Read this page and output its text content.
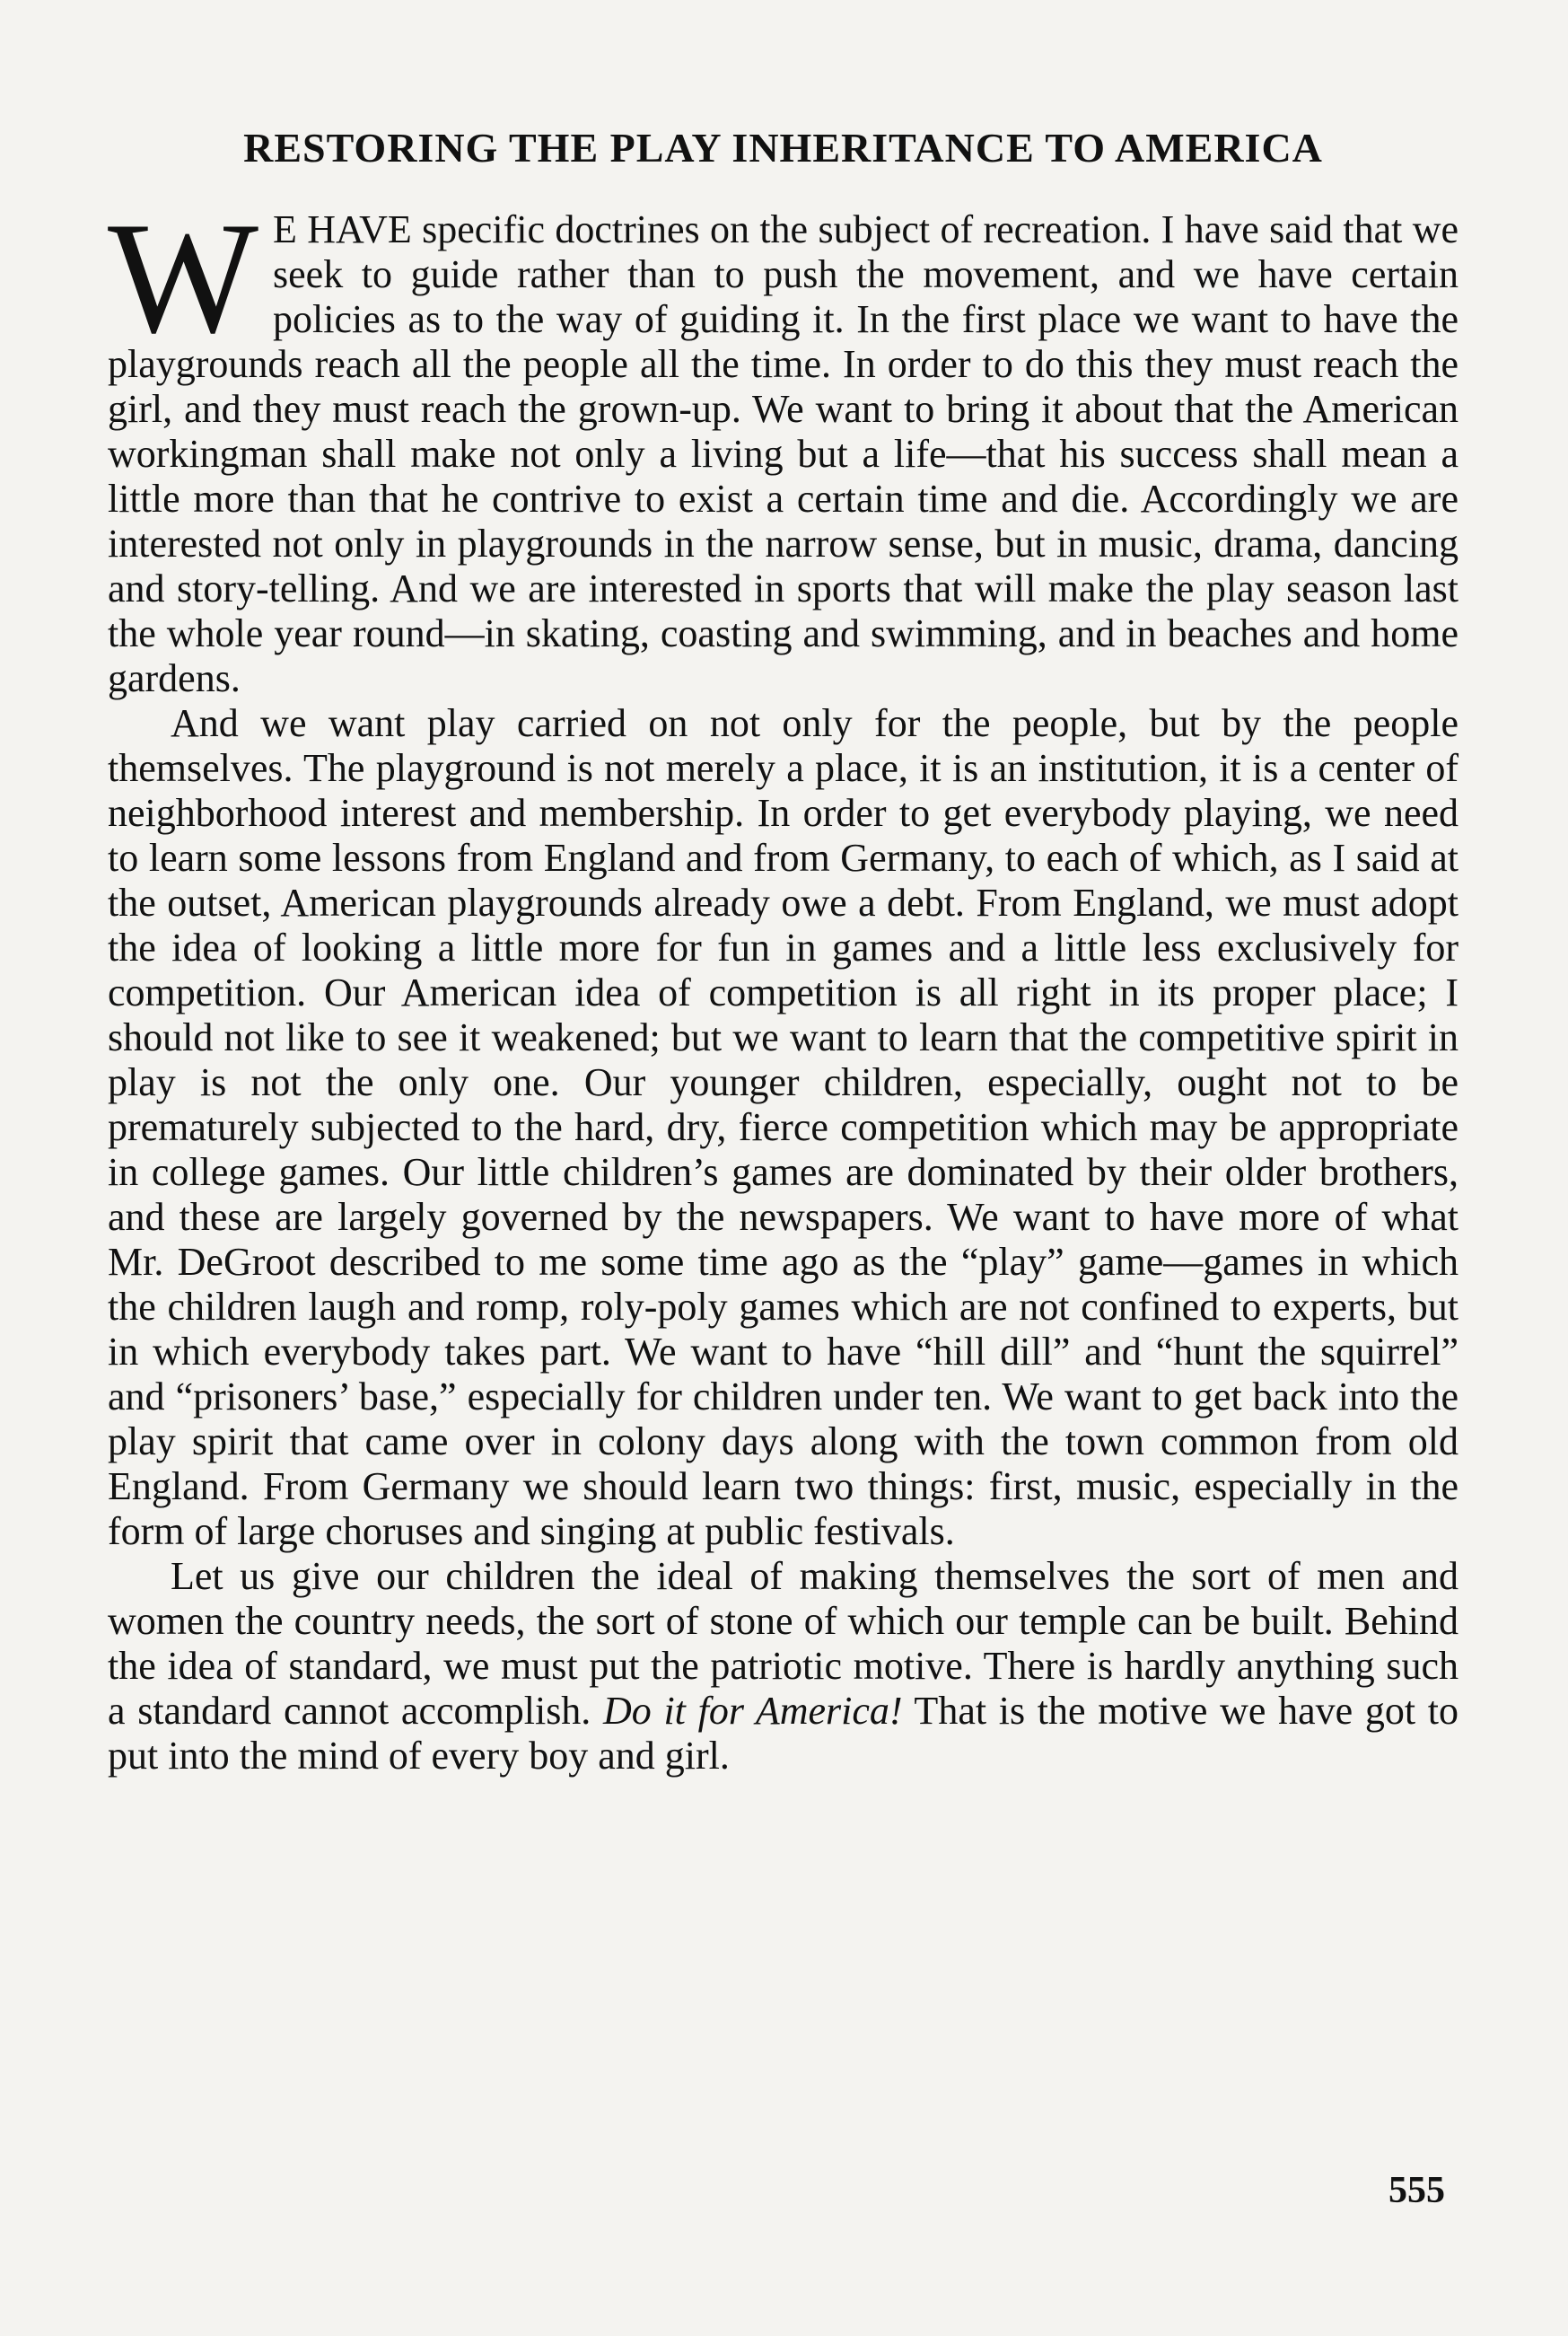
RESTORING THE PLAY INHERITANCE TO AMERICA

W E HAVE specific doctrines on the subject of recreation. I have said that we seek to guide rather than to push the movement, and we have certain policies as to the way of guiding it. In the first place we want to have the playgrounds reach all the people all the time. In order to do this they must reach the girl, and they must reach the grown-up. We want to bring it about that the American workingman shall make not only a living but a life—that his success shall mean a little more than that he contrive to exist a certain time and die. Accordingly we are interested not only in playgrounds in the narrow sense, but in music, drama, dancing and story-telling. And we are interested in sports that will make the play season last the whole year round—in skating, coasting and swimming, and in beaches and home gardens.

And we want play carried on not only for the people, but by the people themselves. The playground is not merely a place, it is an institution, it is a center of neighborhood interest and membership. In order to get everybody playing, we need to learn some lessons from England and from Germany, to each of which, as I said at the outset, American playgrounds already owe a debt. From England, we must adopt the idea of looking a little more for fun in games and a little less exclusively for competition. Our American idea of competition is all right in its proper place; I should not like to see it weakened; but we want to learn that the competitive spirit in play is not the only one. Our younger children, especially, ought not to be prematurely subjected to the hard, dry, fierce competition which may be appropriate in college games. Our little children’s games are dominated by their older brothers, and these are largely governed by the newspapers. We want to have more of what Mr. DeGroot described to me some time ago as the “play” game—games in which the children laugh and romp, roly-poly games which are not confined to experts, but in which everybody takes part. We want to have “hill dill” and “hunt the squirrel” and “prisoners’ base,” especially for children under ten. We want to get back into the play spirit that came over in colony days along with the town common from old England. From Germany we should learn two things: first, music, especially in the form of large choruses and singing at public festivals.

Let us give our children the ideal of making themselves the sort of men and women the country needs, the sort of stone of which our temple can be built. Behind the idea of standard, we must put the patriotic motive. There is hardly anything such a standard cannot accomplish. Do it for America! That is the motive we have got to put into the mind of every boy and girl.

555
